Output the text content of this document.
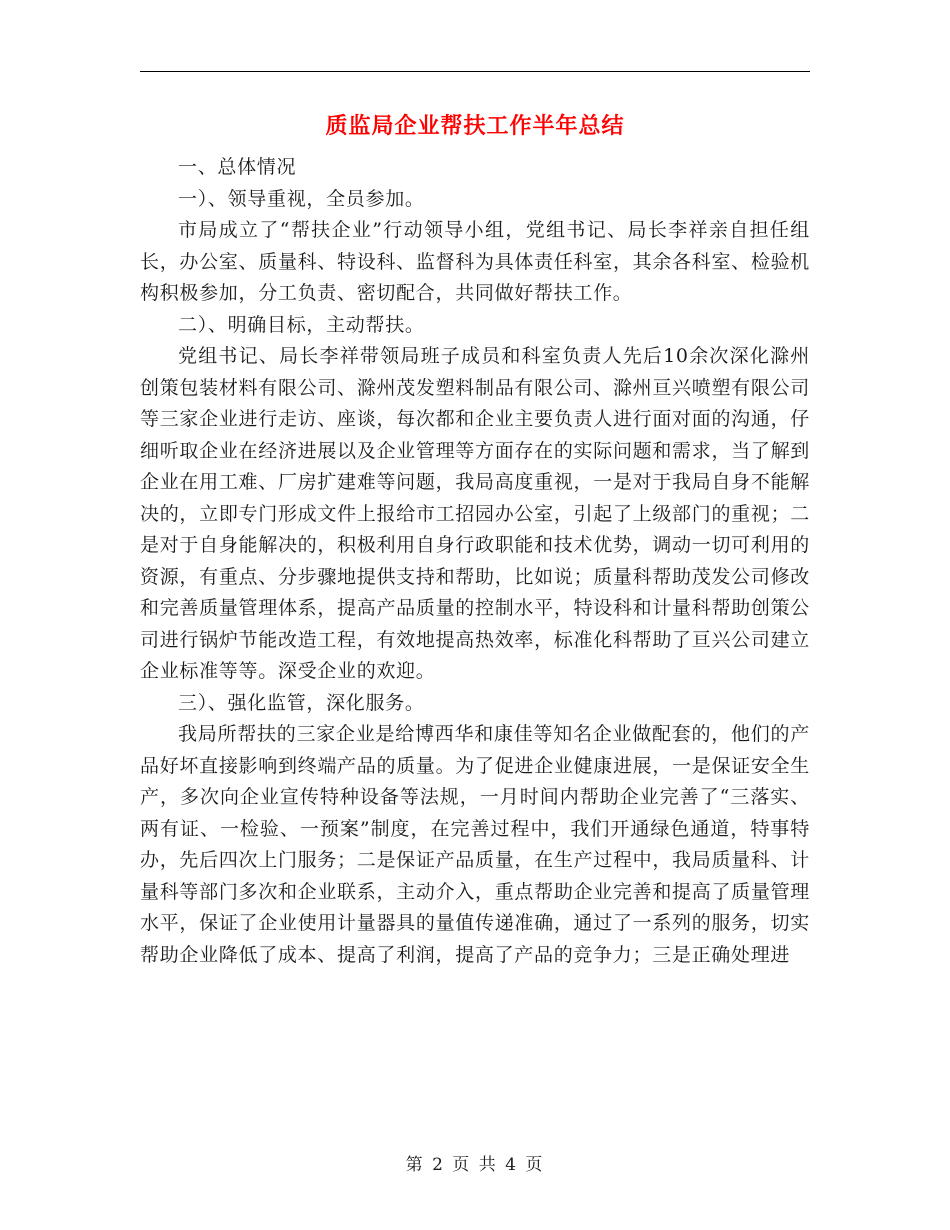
质监局企业帮扶工作半年总结

一、总体情况

一）、领导重视，全员参加。

市局成立了“帮扶企业”行动领导小组，党组书记、局长李祥亲自担任组长，办公室、质量科、特设科、监督科为具体责任科室，其余各科室、检验机构积极参加，分工负责、密切配合，共同做好帮扶工作。

二）、明确目标，主动帮扶。

党组书记、局长李祥带领局班子成员和科室负责人先后10余次深化滁州创策包装材料有限公司、滁州茂发塑料制品有限公司、滁州亘兴喷塑有限公司等三家企业进行走访、座谈，每次都和企业主要负责人进行面对面的沟通，仔细听取企业在经济进展以及企业管理等方面存在的实际问题和需求，当了解到企业在用工难、厂房扩建难等问题，我局高度重视，一是对于我局自身不能解决的，立即专门形成文件上报给市工招园办公室，引起了上级部门的重视；二是对于自身能解决的，积极利用自身行政职能和技术优势，调动一切可利用的资源，有重点、分步骤地提供支持和帮助，比如说；质量科帮助茂发公司修改和完善质量管理体系，提高产品质量的控制水平，特设科和计量科帮助创策公司进行锅炉节能改造工程，有效地提高热效率，标准化科帮助了亘兴公司建立企业标准等等。深受企业的欢迎。

三）、强化监管，深化服务。

我局所帮扶的三家企业是给博西华和康佳等知名企业做配套的，他们的产品好坏直接影响到终端产品的质量。为了促进企业健康进展，一是保证安全生产，多次向企业宣传特种设备等法规，一月时间内帮助企业完善了“三落实、两有证、一检验、一预案”制度，在完善过程中，我们开通绿色通道，特事特办，先后四次上门服务；二是保证产品质量，在生产过程中，我局质量科、计量科等部门多次和企业联系，主动介入，重点帮助企业完善和提高了质量管理水平，保证了企业使用计量器具的量值传递准确，通过了一系列的服务，切实帮助企业降低了成本、提高了利润，提高了产品的竞争力；三是正确处理进

第 2 页 共 4 页
